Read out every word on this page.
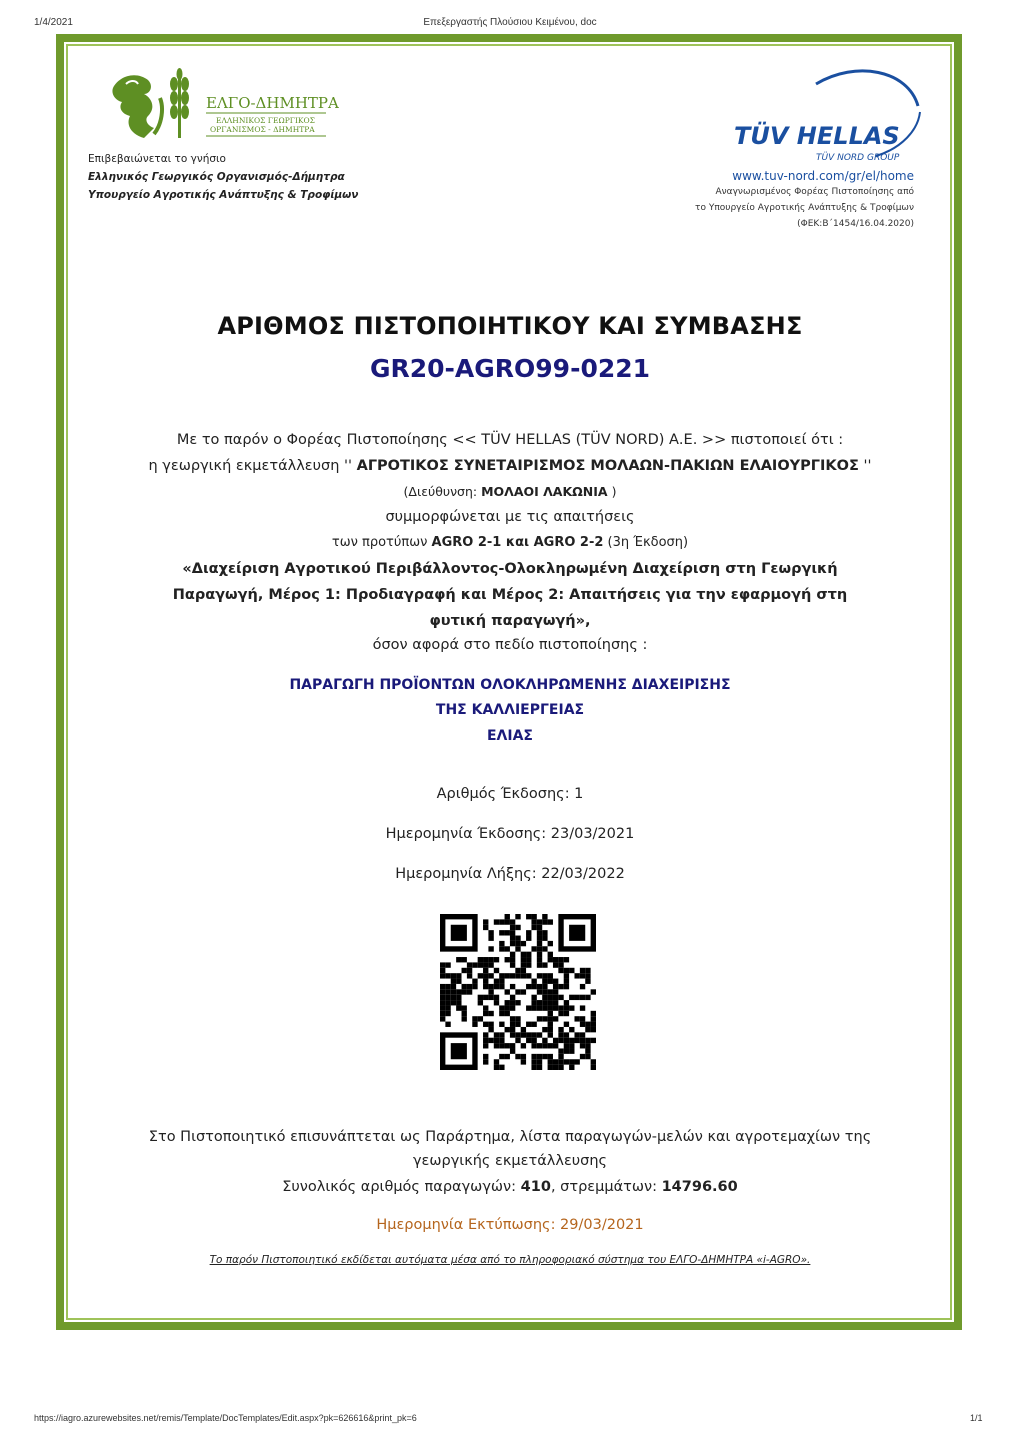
1/4/2021	Επεξεργαστής Πλούσιου Κειμένου, doc
ΕΛΓΟ-ΔΗΜΗΤΡΑ
ΕΛΛΗΝΙΚΟΣ ΓΕΩΡΓΙΚΟΣ
ΟΡΓΑΝΙΣΜΟΣ - ΔΗΜΗΤΡΑ
Επιβεβαιώνεται το γνήσιο
Ελληνικός Γεωργικός Οργανισμός-Δήμητρα
Υπουργείο Αγροτικής Ανάπτυξης & Τροφίμων
TÜV HELLAS
TÜV NORD GROUP
www.tuv-nord.com/gr/el/home
Αναγνωρισμένος Φορέας Πιστοποίησης από
το Υπουργείο Αγροτικής Ανάπτυξης & Τροφίμων
(ΦΕΚ:Β΄1454/16.04.2020)
ΑΡΙΘΜΟΣ ΠΙΣΤΟΠΟΙΗΤΙΚΟΥ ΚΑΙ ΣΥΜΒΑΣΗΣ
GR20-AGRO99-0221
Με το παρόν ο Φορέας Πιστοποίησης << TÜV HELLAS (TÜV NORD) Α.Ε. >> πιστοποιεί ότι :
η γεωργική εκμετάλλευση '' ΑΓΡΟΤΙΚΟΣ ΣΥΝΕΤΑΙΡΙΣΜΟΣ ΜΟΛΑΩΝ-ΠΑΚΙΩΝ ΕΛΑΙΟΥΡΓΙΚΟΣ ''
(Διεύθυνση: ΜΟΛΑΟΙ ΛΑΚΩΝΙΑ )
συμμορφώνεται με τις απαιτήσεις
των προτύπων AGRO 2-1 και AGRO 2-2 (3η Έκδοση)
«Διαχείριση Αγροτικού Περιβάλλοντος-Ολοκληρωμένη Διαχείριση στη Γεωργική
Παραγωγή, Μέρος 1: Προδιαγραφή και Μέρος 2: Απαιτήσεις για την εφαρμογή στη
φυτική παραγωγή»,
όσον αφορά στο πεδίο πιστοποίησης :
ΠΑΡΑΓΩΓΗ ΠΡΟΪΟΝΤΩΝ ΟΛΟΚΛΗΡΩΜΕΝΗΣ ΔΙΑΧΕΙΡΙΣΗΣ
ΤΗΣ ΚΑΛΛΙΕΡΓΕΙΑΣ
ΕΛΙΑΣ
Αριθμός Έκδοσης: 1
Ημερομηνία Έκδοσης: 23/03/2021
Ημερομηνία Λήξης: 22/03/2022
Στο Πιστοποιητικό επισυνάπτεται ως Παράρτημα, λίστα παραγωγών-μελών και αγροτεμαχίων της
γεωργικής εκμετάλλευσης
Συνολικός αριθμός παραγωγών: 410, στρεμμάτων: 14796.60
Ημερομηνία Εκτύπωσης: 29/03/2021
Το παρόν Πιστοποιητικό εκδίδεται αυτόματα μέσα από το πληροφοριακό σύστημα του ΕΛΓΟ-ΔΗΜΗΤΡΑ «i-AGRO».
https://iagro.azurewebsites.net/remis/Template/DocTemplates/Edit.aspx?pk=626616&print_pk=6	1/1
